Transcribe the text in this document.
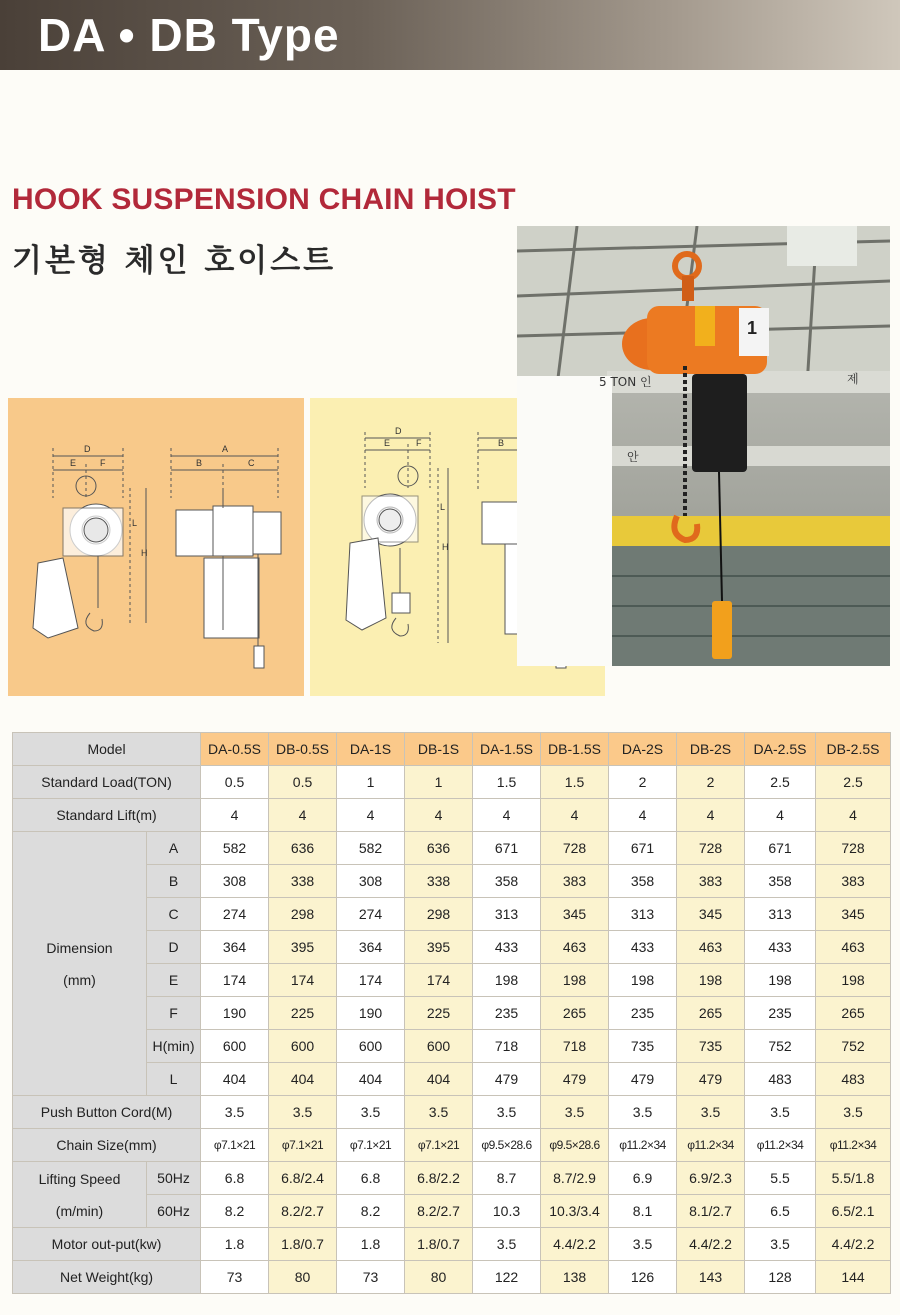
DA • DB Type
HOOK SUSPENSION CHAIN HOIST
기본형 체인 호이스트
D
E	F
A
B	C
L
H
D
E	F	B
L
H
5 TON 인	제
안
1
Model		DA-0.5S	DB-0.5S	DA-1S	DB-1S	DA-1.5S	DB-1.5S	DA-2S	DB-2S	DA-2.5S	DB-2.5S
Standard Load(TON)		0.5	0.5	1	1	1.5	1.5	2	2	2.5	2.5
Standard Lift(m)		4	4	4	4	4	4	4	4	4	4
Dimension

(mm)	A	582	636	582	636	671	728	671	728	671	728
	B	308	338	308	338	358	383	358	383	358	383
	C	274	298	274	298	313	345	313	345	313	345
	D	364	395	364	395	433	463	433	463	433	463
	E	174	174	174	174	198	198	198	198	198	198
	F	190	225	190	225	235	265	235	265	235	265
	H(min)	600	600	600	600	718	718	735	735	752	752
	L	404	404	404	404	479	479	479	479	483	483
Push Button Cord(M)		3.5	3.5	3.5	3.5	3.5	3.5	3.5	3.5	3.5	3.5
Chain Size(mm)		φ7.1×21	φ7.1×21	φ7.1×21	φ7.1×21	φ9.5×28.6	φ9.5×28.6	φ11.2×34	φ11.2×34	φ11.2×34	φ11.2×34
Lifting Speed

(m/min)	50Hz	6.8	6.8/2.4	6.8	6.8/2.2	8.7	8.7/2.9	6.9	6.9/2.3	5.5	5.5/1.8
	60Hz	8.2	8.2/2.7	8.2	8.2/2.7	10.3	10.3/3.4	8.1	8.1/2.7	6.5	6.5/2.1
Motor out-put(kw)		1.8	1.8/0.7	1.8	1.8/0.7	3.5	4.4/2.2	3.5	4.4/2.2	3.5	4.4/2.2
Net Weight(kg)		73	80	73	80	122	138	126	143	128	144
